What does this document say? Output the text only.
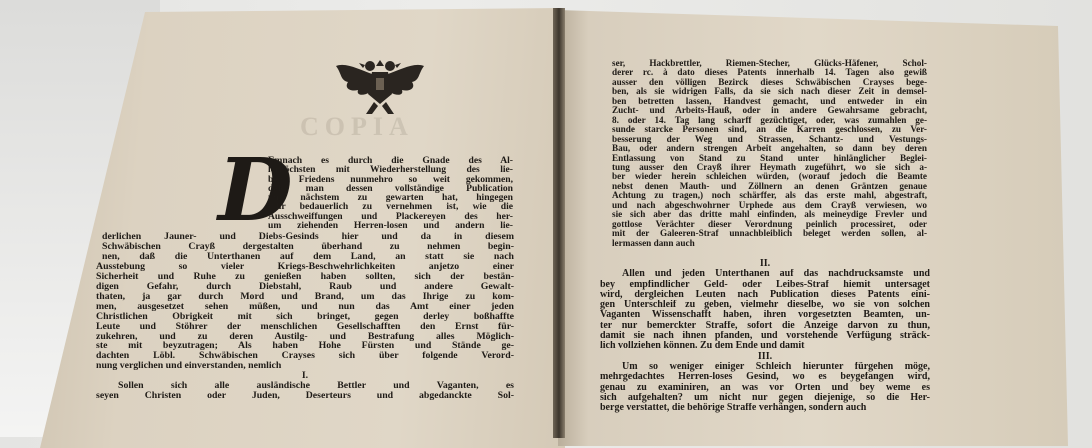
COPIA
D
Emnach es durch die Gnade des Al-
lerhöchsten mit Wiederherstellung des lie-
ben Friedens nunmehro so weit gekommen,
daß man dessen vollständige Publication
mit nächstem zu gewarten hat, hingegen
sehr bedauerlich zu vernehmen ist, wie die
Ausschweiffungen und Plackereyen des her-
um ziehenden Herren-losen und andern lie-
derlichen Jauner- und Diebs-Gesinds hier und da in diesem
Schwäbischen Crayß dergestalten überhand zu nehmen begin-
nen, daß die Unterthanen auf dem Land, an statt sie nach
Ausstebung so vieler Kriegs-Beschwehrlichkeiten anjetzo einer
Sicherheit und Ruhe zu genießen haben sollten, sich der bestän-
digen Gefahr, durch Diebstahl, Raub und andere Gewalt-
thaten, ja gar durch Mord und Brand, um das Ihrige zu kom-
men, ausgesetzet sehen müßen, und nun das Amt einer jeden
Christlichen Obrigkeit mit sich bringet, gegen derley boßhaffte
Leute und Stöhrer der menschlichen Gesellschafften den Ernst für-
zukehren, und zu deren Austilg- und Bestrafung alles Möglich-
ste mit beyzutragen; Als haben Hohe Fürsten und Stände ge-
dachten Löbl. Schwäbischen Crayses sich über folgende Verord-
nung verglichen und einverstanden, nemlich
I.
Sollen sich alle ausländische Bettler und Vaganten, es
seyen Christen oder Juden, Deserteurs und abgedanckte Sol-
ser, Hackbrettler, Riemen-Stecher, Glücks-Häfener, Schol-
derer rc. à dato dieses Patents innerhalb 14. Tagen also gewiß
ausser den völligen Bezirck dieses Schwäbischen Crayses bege-
ben, als sie widrigen Falls, da sie sich nach dieser Zeit in demsel-
ben betretten lassen, Handvest gemacht, und entweder in ein
Zucht- und Arbeits-Hauß, oder in andere Gewahrsame gebracht,
8. oder 14. Tag lang scharff gezüchtiget, oder, was zumahlen ge-
sunde starcke Personen sind, an die Karren geschlossen, zu Ver-
besserung der Weg und Strassen, Schantz- und Vestungs-
Bau, oder andern strengen Arbeit angehalten, so dann bey deren
Entlassung von Stand zu Stand unter hinlänglicher Beglei-
tung ausser den Crayß ihrer Heymath zugeführt, wo sie sich a-
ber wieder herein schleichen würden, (worauf jedoch die Beamte
nebst denen Mauth- und Zöllnern an denen Gräntzen genaue
Achtung zu tragen,) noch schärffer, als das erste mahl, abgestraft,
und nach abgeschwohrner Urphede aus dem Crayß verwiesen, wo
sie sich aber das dritte mahl einfinden, als meineydige Frevler und
gottlose Verächter dieser Verordnung peinlich processiret, oder
mit der Galeeren-Straf unnachbleiblich beleget werden sollen, al-
lermassen dann auch
II.
Allen und jeden Unterthanen auf das nachdrucksamste und
bey empfindlicher Geld- oder Leibes-Straf hiemit untersaget
wird, dergleichen Leuten nach Publication dieses Patents eini-
gen Unterschleif zu geben, vielmehr dieselbe, wo sie von solchen
Vaganten Wissenschafft haben, ihren vorgesetzten Beamten, un-
ter nur bemerckter Straffe, sofort die Anzeige darvon zu thun,
damit sie nach ihnen pfanden, und vorstehende Verfügung sträck-
lich vollziehen können. Zu dem Ende und damit
III.
Um so weniger einiger Schleich hierunter fürgehen möge,
mehrgedachtes Herren-loses Gesind, wo es beygefangen wird,
genau zu examiniren, an was vor Orten und bey weme es
sich aufgehalten? um nicht nur gegen diejenige, so die Her-
berge verstattet, die behörige Straffe verhängen, sondern auch
